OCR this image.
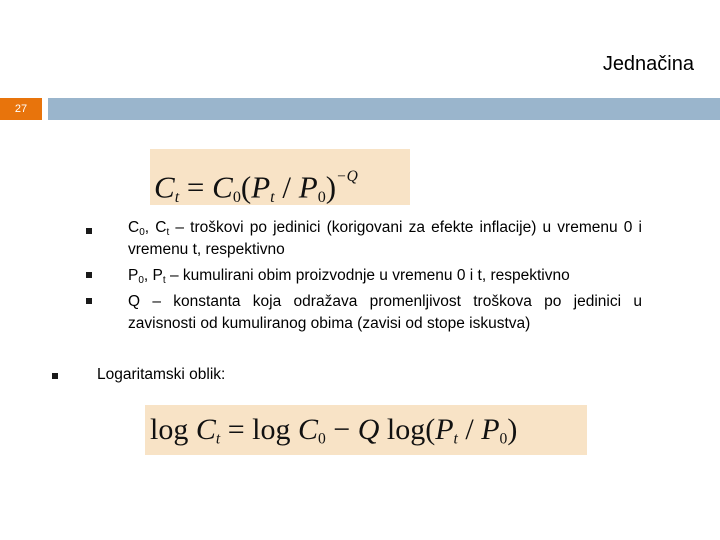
Jednačina
27
Ct = C0(Pt / P0)$^{-Q}$
$C_0$, $C_t$ – troškovi po jedinici (korigovani za efekte inflacije) u vremenu 0 i vremenu t, respektivno
$P_0$, $P_t$ – kumulirani obim proizvodnje u vremenu 0 i t, respektivno
Q – konstanta koja odražava promenljivost troškova po jedinici u zavisnosti od kumuliranog obima (zavisi od stope iskustva)
Logaritamski oblik:
log Ct = log C0 − Q log(Pt / P0)
